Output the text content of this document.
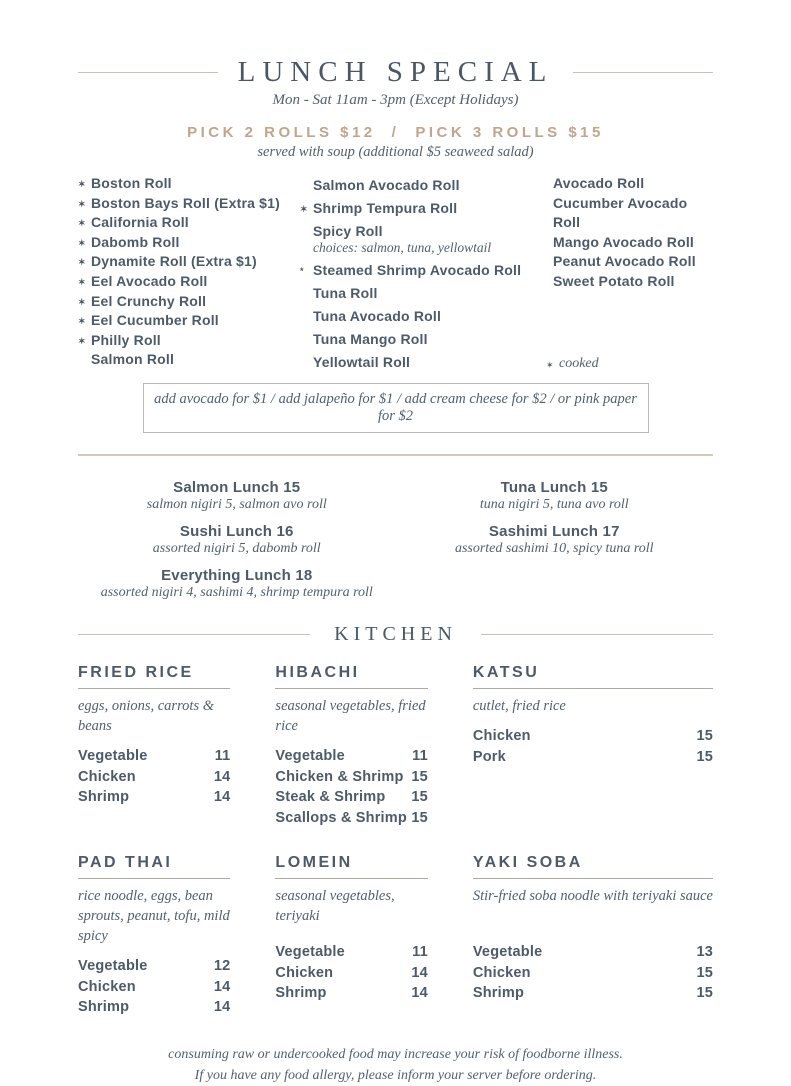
LUNCH SPECIAL
Mon - Sat 11am - 3pm (Except Holidays)
PICK 2 ROLLS $12 / PICK 3 ROLLS $15
served with soup (additional $5 seaweed salad)
✶ Boston Roll
✶ Boston Bays Roll (Extra $1)
✶ California Roll
✶ Dabomb Roll
✶ Dynamite Roll (Extra $1)
✶ Eel Avocado Roll
✶ Eel Crunchy Roll
✶ Eel Cucumber Roll
✶ Philly Roll
Salmon Roll
Salmon Avocado Roll
✶ Shrimp Tempura Roll
Spicy Roll
choices: salmon, tuna, yellowtail
* Steamed Shrimp Avocado Roll
Tuna Roll
Tuna Avocado Roll
Tuna Mango Roll
Yellowtail Roll
Avocado Roll
Cucumber Avocado Roll
Mango Avocado Roll
Peanut Avocado Roll
Sweet Potato Roll
✶ cooked
add avocado for $1 / add jalapeño for $1 / add cream cheese for $2 / or pink paper for $2
Salmon Lunch 15
salmon nigiri 5, salmon avo roll
Sushi Lunch 16
assorted nigiri 5, dabomb roll
Everything Lunch 18
assorted nigiri 4, sashimi 4, shrimp tempura roll
Tuna Lunch 15
tuna nigiri 5, tuna avo roll
Sashimi Lunch 17
assorted sashimi 10, spicy tuna roll
KITCHEN
FRIED RICE
eggs, onions, carrots & beans
Vegetable	11
Chicken	14
Shrimp	14
HIBACHI
seasonal vegetables, fried rice
Vegetable	11
Chicken & Shrimp 15
Steak & Shrimp 15
Scallops & Shrimp 15
KATSU
cutlet, fried rice
Chicken	15
Pork	15
PAD THAI
rice noodle, eggs, bean sprouts, peanut, tofu, mild spicy
Vegetable	12
Chicken	14
Shrimp	14
LOMEIN
seasonal vegetables, teriyaki
Vegetable	11
Chicken	14
Shrimp	14
YAKI SOBA
Stir-fried soba noodle with teriyaki sauce
Vegetable	13
Chicken	15
Shrimp	15
consuming raw or undercooked food may increase your risk of foodborne illness.
If you have any food allergy, please inform your server before ordering.
